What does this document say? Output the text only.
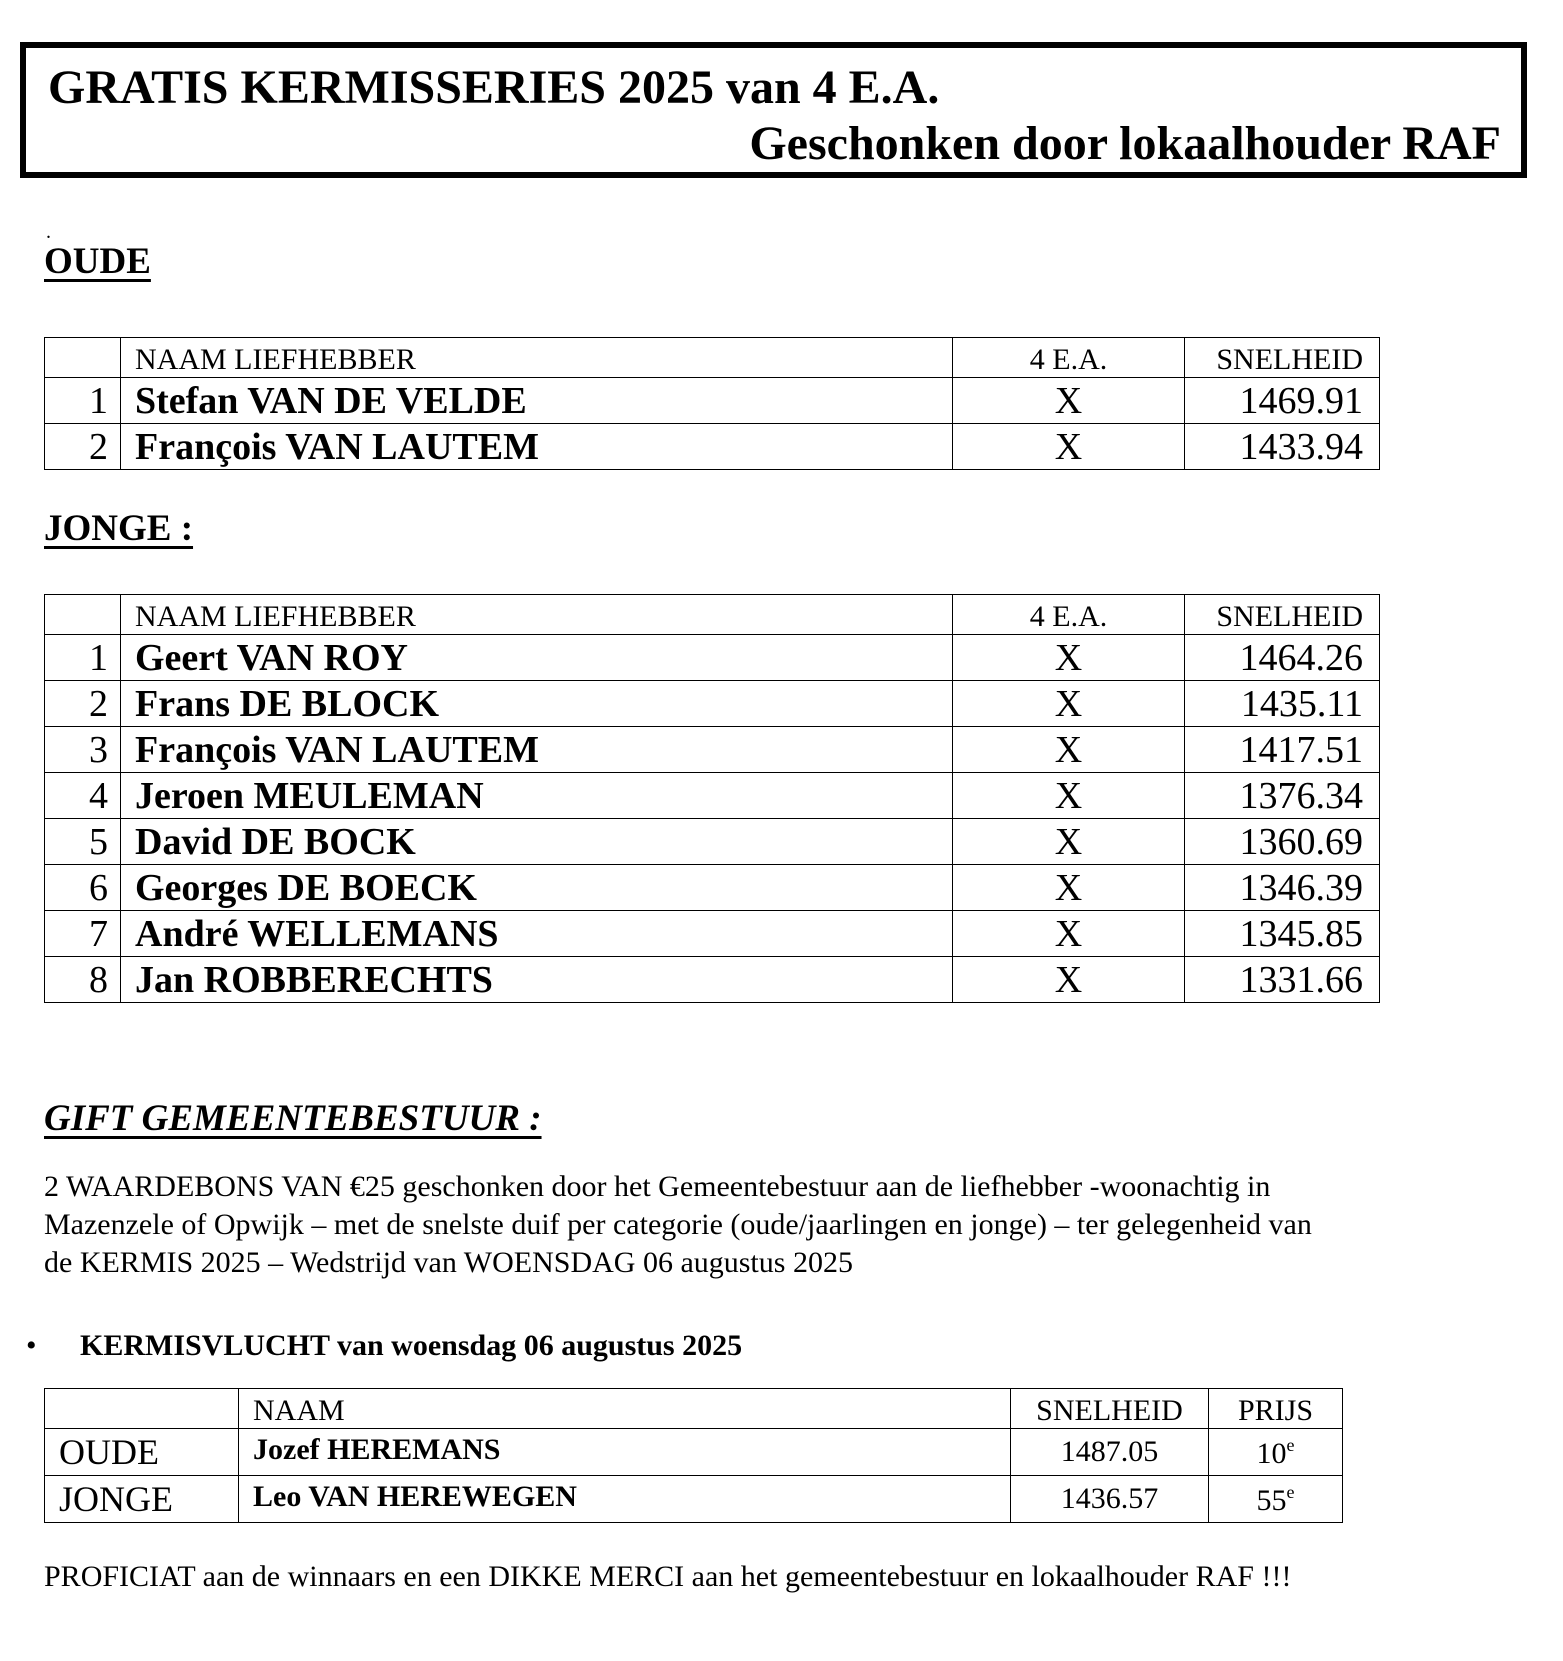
GRATIS KERMISSERIES 2025 van 4 E.A.
Geschonken door lokaalhouder RAF
.
OUDE
	NAAM LIEFHEBBER	4 E.A.	SNELHEID
1	Stefan VAN DE VELDE	X	1469.91
2	François VAN LAUTEM	X	1433.94
JONGE :
	NAAM LIEFHEBBER	4 E.A.	SNELHEID
1	Geert VAN ROY	X	1464.26
2	Frans DE BLOCK	X	1435.11
3	François VAN LAUTEM	X	1417.51
4	Jeroen MEULEMAN	X	1376.34
5	David DE BOCK	X	1360.69
6	Georges DE BOECK	X	1346.39
7	André WELLEMANS	X	1345.85
8	Jan ROBBERECHTS	X	1331.66
GIFT GEMEENTEBESTUUR :

2 WAARDEBONS VAN €25 geschonken door het Gemeentebestuur aan de liefhebber -woonachtig in

Mazenzele of Opwijk – met de snelste duif per categorie (oude/jaarlingen en jonge) – ter gelegenheid van

de KERMIS 2025 – Wedstrijd van WOENSDAG 06 augustus 2025

• KERMISVLUCHT van woensdag 06 augustus 2025
	NAAM	SNELHEID	PRIJS
OUDE	Jozef HEREMANS	1487.05	10e
JONGE	Leo VAN HEREWEGEN	1436.57	55e
PROFICIAT aan de winnaars en een DIKKE MERCI aan het gemeentebestuur en lokaalhouder RAF !!!
